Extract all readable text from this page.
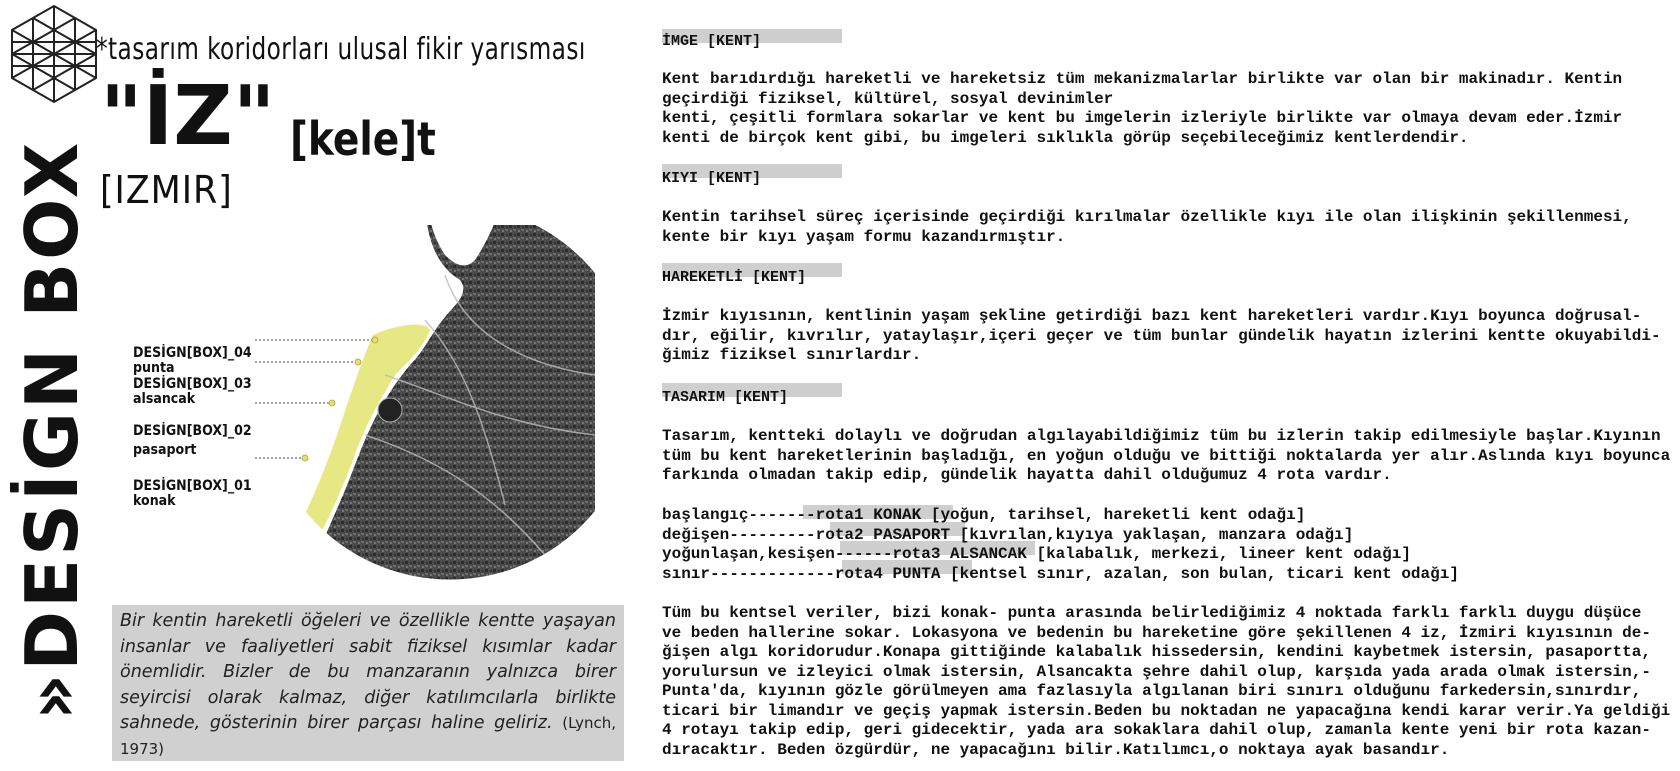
»DESİGN BOX
*tasarım koridorları ulusal fikir yarısması
"İZ" [kele]t
[IZMIR]
DESİGN[BOX]_04
punta
DESİGN[BOX]_03
alsancak
DESİGN[BOX]_02
pasaport
DESİGN[BOX]_01
konak
Bir kentin hareketli öğeleri ve özellikle kentte yaşayan insanlar ve faaliyetleri sabit fiziksel kısımlar kadar önemlidir. Bizler de bu manzaranın yalnızca birer seyircisi olarak kalmaz, diğer katılımcılarla birlikte sahnede, gösterinin birer parçası haline geliriz. (Lynch, 1973)
İMGE [KENT]
Kent barıdırdığı hareketli ve hareketsiz tüm mekanizmalarlar birlikte var olan bir makinadır. Kentin
geçirdiği fiziksel, kültürel, sosyal devinimler
kenti, çeşitli formlara sokarlar ve kent bu imgelerin izleriyle birlikte var olmaya devam eder.İzmir
kenti de birçok kent gibi, bu imgeleri sıklıkla görüp seçebileceğimiz kentlerdendir.
KIYI [KENT]
Kentin tarihsel süreç içerisinde geçirdiği kırılmalar özellikle kıyı ile olan ilişkinin şekillenmesi,
kente bir kıyı yaşam formu kazandırmıştır.
HAREKETLİ [KENT]
İzmir kıyısının, kentlinin yaşam şekline getirdiği bazı kent hareketleri vardır.Kıyı boyunca doğrusal-
dır, eğilir, kıvrılır, yataylaşır,içeri geçer ve tüm bunlar gündelik hayatın izlerini kentte okuyabildi-
ğimiz fiziksel sınırlardır.
TASARIM [KENT]
Tasarım, kentteki dolaylı ve doğrudan algılayabildiğimiz tüm bu izlerin takip edilmesiyle başlar.Kıyının
tüm bu kent hareketlerinin başladığı, en yoğun olduğu ve bittiği noktalarda yer alır.Aslında kıyı boyunca
farkında olmadan takip edip, gündelik hayatta dahil olduğumuz 4 rota vardır.
başlangıç-------rota1 KONAK [yoğun, tarihsel, hareketli kent odağı]
değişen---------rota2 PASAPORT [kıvrılan,kıyıya yaklaşan, manzara odağı]
yoğunlaşan,kesişen------rota3 ALSANCAK [kalabalık, merkezi, lineer kent odağı]
sınır-------------rota4 PUNTA [kentsel sınır, azalan, son bulan, ticari kent odağı]
Tüm bu kentsel veriler, bizi konak- punta arasında belirlediğimiz 4 noktada farklı farklı duygu düşüce
ve beden hallerine sokar. Lokasyona ve bedenin bu hareketine göre şekillenen 4 iz, İzmiri kıyısının de-
ğişen algı koridorudur.Konapa gittiğinde kalabalık hissedersin, kendini kaybetmek istersin, pasaportta,
yorulursun ve izleyici olmak istersin, Alsancakta şehre dahil olup, karşıda yada arada olmak istersin,-
Punta'da, kıyının gözle görülmeyen ama fazlasıyla algılanan biri sınırı olduğunu farkedersin,sınırdır,
ticari bir limandır ve geçiş yapmak istersin.Beden bu noktadan ne yapacağına kendi karar verir.Ya geldiği
4 rotayı takip edip, geri gidecektir, yada ara sokaklara dahil olup, zamanla kente yeni bir rota kazan-
dıracaktır. Beden özgürdür, ne yapacağını bilir.Katılımcı,o noktaya ayak basandır.
